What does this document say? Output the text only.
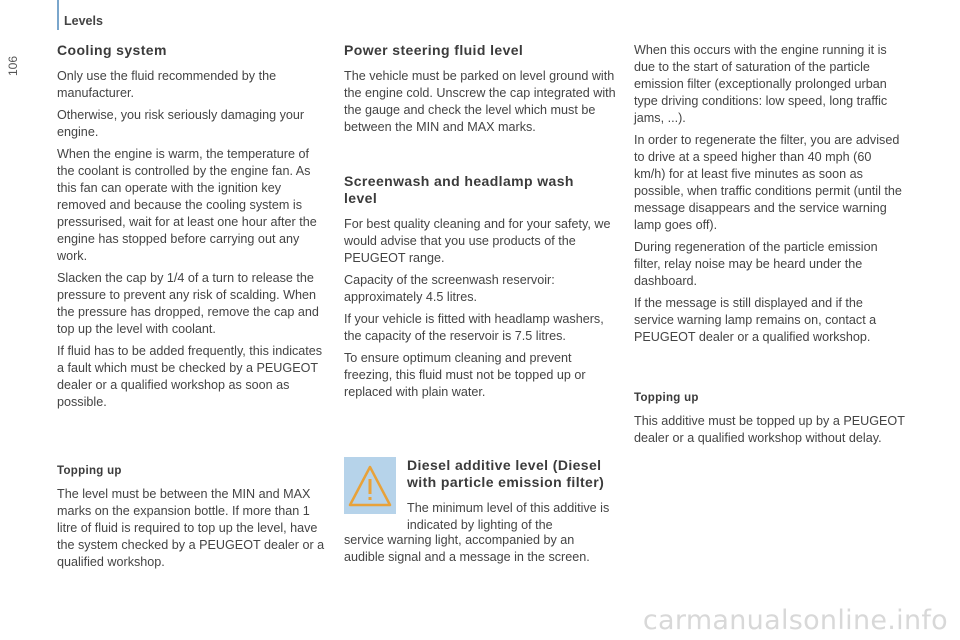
Levels
106
Cooling system

Only use the fluid recommended by the manufacturer.

Otherwise, you risk seriously damaging your engine.

When the engine is warm, the temperature of the coolant is controlled by the engine fan. As this fan can operate with the ignition key removed and because the cooling system is pressurised, wait for at least one hour after the engine has stopped before carrying out any work.

Slacken the cap by 1/4 of a turn to release the pressure to prevent any risk of scalding. When the pressure has dropped, remove the cap and top up the level with coolant.

If fluid has to be added frequently, this indicates a fault which must be checked by a PEUGEOT dealer or a qualified workshop as soon as possible.

Topping up

The level must be between the MIN and MAX marks on the expansion bottle. If more than 1 litre of fluid is required to top up the level, have the system checked by a PEUGEOT dealer or a qualified workshop.

Power steering fluid level

The vehicle must be parked on level ground with the engine cold. Unscrew the cap integrated with the gauge and check the level which must be between the MIN and MAX marks.

Screenwash and headlamp wash level

For best quality cleaning and for your safety, we would advise that you use products of the PEUGEOT range.

Capacity of the screenwash reservoir: approximately 4.5 litres.

If your vehicle is fitted with headlamp washers, the capacity of the reservoir is 7.5 litres.

To ensure optimum cleaning and prevent freezing, this fluid must not be topped up or replaced with plain water.

Diesel additive level (Diesel with particle emission filter)
The minimum level of this additive is indicated by lighting of the
service warning light, accompanied by an audible signal and a message in the screen.

When this occurs with the engine running it is due to the start of saturation of the particle emission filter (exceptionally prolonged urban type driving conditions: low speed, long traffic jams, ...).

In order to regenerate the filter, you are advised to drive at a speed higher than 40 mph (60 km/h) for at least five minutes as soon as possible, when traffic conditions permit (until the message disappears and the service warning lamp goes off).

During regeneration of the particle emission filter, relay noise may be heard under the dashboard.

If the message is still displayed and if the service warning lamp remains on, contact a PEUGEOT dealer or a qualified workshop.

Topping up

This additive must be topped up by a PEUGEOT dealer or a qualified workshop without delay.

carmanualsonline.info
